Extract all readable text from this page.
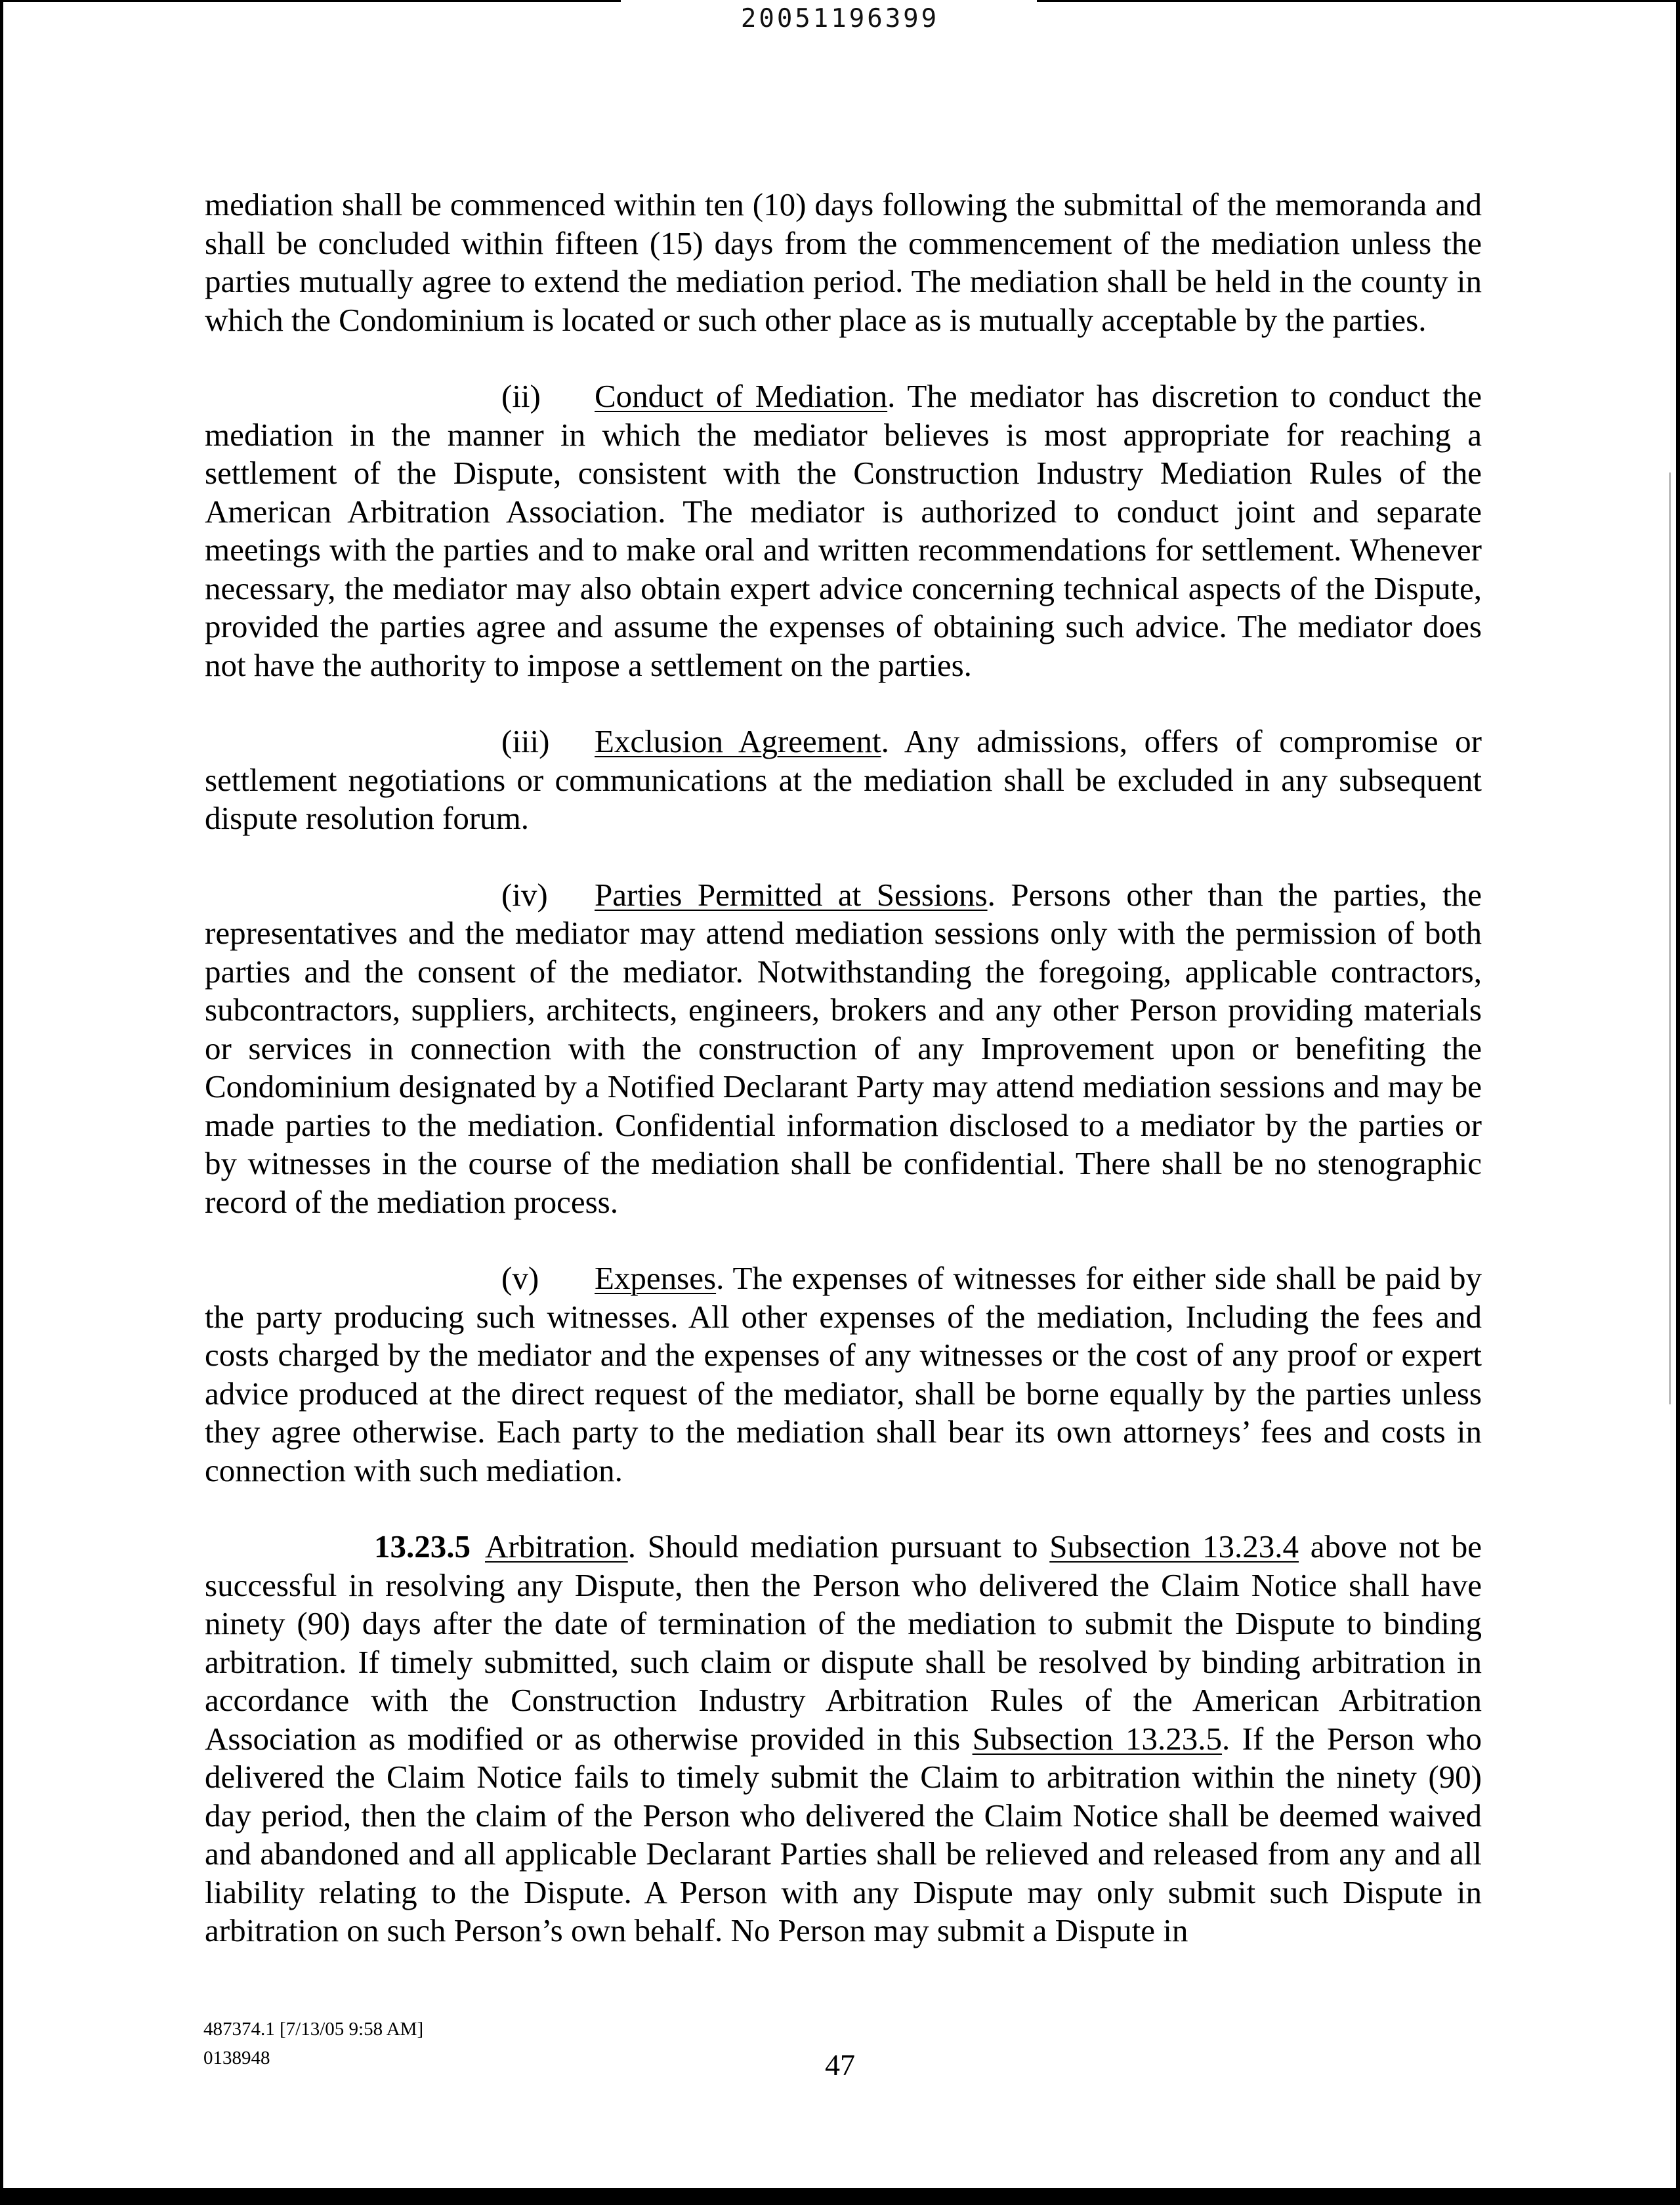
20051196399

mediation shall be commenced within ten (10) days following the submittal of the memoranda and shall be concluded within fifteen (15) days from the commencement of the mediation unless the parties mutually agree to extend the mediation period. The mediation shall be held in the county in which the Condominium is located or such other place as is mutually acceptable by the parties.

(ii) Conduct of Mediation. The mediator has discretion to conduct the mediation in the manner in which the mediator believes is most appropriate for reaching a settlement of the Dispute, consistent with the Construction Industry Mediation Rules of the American Arbitration Association. The mediator is authorized to conduct joint and separate meetings with the parties and to make oral and written recommendations for settlement. Whenever necessary, the mediator may also obtain expert advice concerning technical aspects of the Dispute, provided the parties agree and assume the expenses of obtaining such advice. The mediator does not have the authority to impose a settlement on the parties.

(iii) Exclusion Agreement. Any admissions, offers of compromise or settlement negotiations or communications at the mediation shall be excluded in any subsequent dispute resolution forum.

(iv) Parties Permitted at Sessions. Persons other than the parties, the representatives and the mediator may attend mediation sessions only with the permission of both parties and the consent of the mediator. Notwithstanding the foregoing, applicable contractors, subcontractors, suppliers, architects, engineers, brokers and any other Person providing materials or services in connection with the construction of any Improvement upon or benefiting the Condominium designated by a Notified Declarant Party may attend mediation sessions and may be made parties to the mediation. Confidential information disclosed to a mediator by the parties or by witnesses in the course of the mediation shall be confidential. There shall be no stenographic record of the mediation process.

(v) Expenses. The expenses of witnesses for either side shall be paid by the party producing such witnesses. All other expenses of the mediation, Including the fees and costs charged by the mediator and the expenses of any witnesses or the cost of any proof or expert advice produced at the direct request of the mediator, shall be borne equally by the parties unless they agree otherwise. Each party to the mediation shall bear its own attorneys’ fees and costs in connection with such mediation.

13.23.5 Arbitration. Should mediation pursuant to Subsection 13.23.4 above not be successful in resolving any Dispute, then the Person who delivered the Claim Notice shall have ninety (90) days after the date of termination of the mediation to submit the Dispute to binding arbitration. If timely submitted, such claim or dispute shall be resolved by binding arbitration in accordance with the Construction Industry Arbitration Rules of the American Arbitration Association as modified or as otherwise provided in this Subsection 13.23.5. If the Person who delivered the Claim Notice fails to timely submit the Claim to arbitration within the ninety (90) day period, then the claim of the Person who delivered the Claim Notice shall be deemed waived and abandoned and all applicable Declarant Parties shall be relieved and released from any and all liability relating to the Dispute. A Person with any Dispute may only submit such Dispute in arbitration on such Person’s own behalf. No Person may submit a Dispute in

487374.1 [7/13/05 9:58 AM]
0138948	47
